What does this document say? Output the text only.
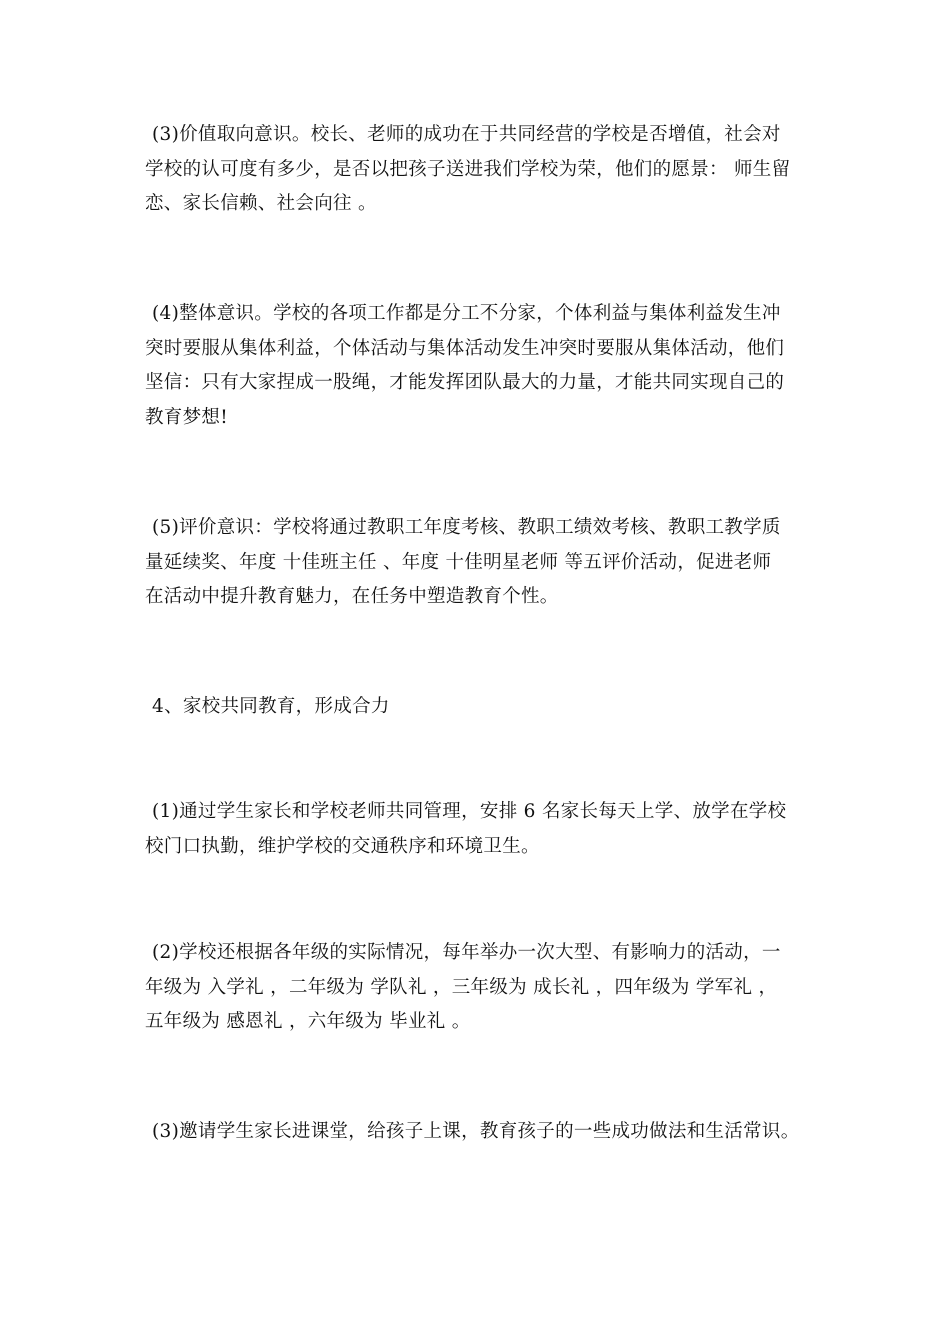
(3)价值取向意识。校长、老师的成功在于共同经营的学校是否增值，社会对
学校的认可度有多少，是否以把孩子送进我们学校为荣，他们的愿景： 师生留
恋、家长信赖、社会向往 。
(4)整体意识。学校的各项工作都是分工不分家，个体利益与集体利益发生冲
突时要服从集体利益，个体活动与集体活动发生冲突时要服从集体活动，他们
坚信：只有大家捏成一股绳，才能发挥团队最大的力量，才能共同实现自己的
教育梦想!
(5)评价意识：学校将通过教职工年度考核、教职工绩效考核、教职工教学质
量延续奖、年度 十佳班主任 、年度 十佳明星老师 等五评价活动，促进老师
在活动中提升教育魅力，在任务中塑造教育个性。
4、家校共同教育，形成合力
(1)通过学生家长和学校老师共同管理，安排 6 名家长每天上学、放学在学校
校门口执勤，维护学校的交通秩序和环境卫生。
(2)学校还根据各年级的实际情况，每年举办一次大型、有影响力的活动，一
年级为 入学礼 ，二年级为 学队礼 ，三年级为 成长礼 ，四年级为 学军礼 ，
五年级为 感恩礼 ，六年级为 毕业礼 。
(3)邀请学生家长进课堂，给孩子上课，教育孩子的一些成功做法和生活常识。
